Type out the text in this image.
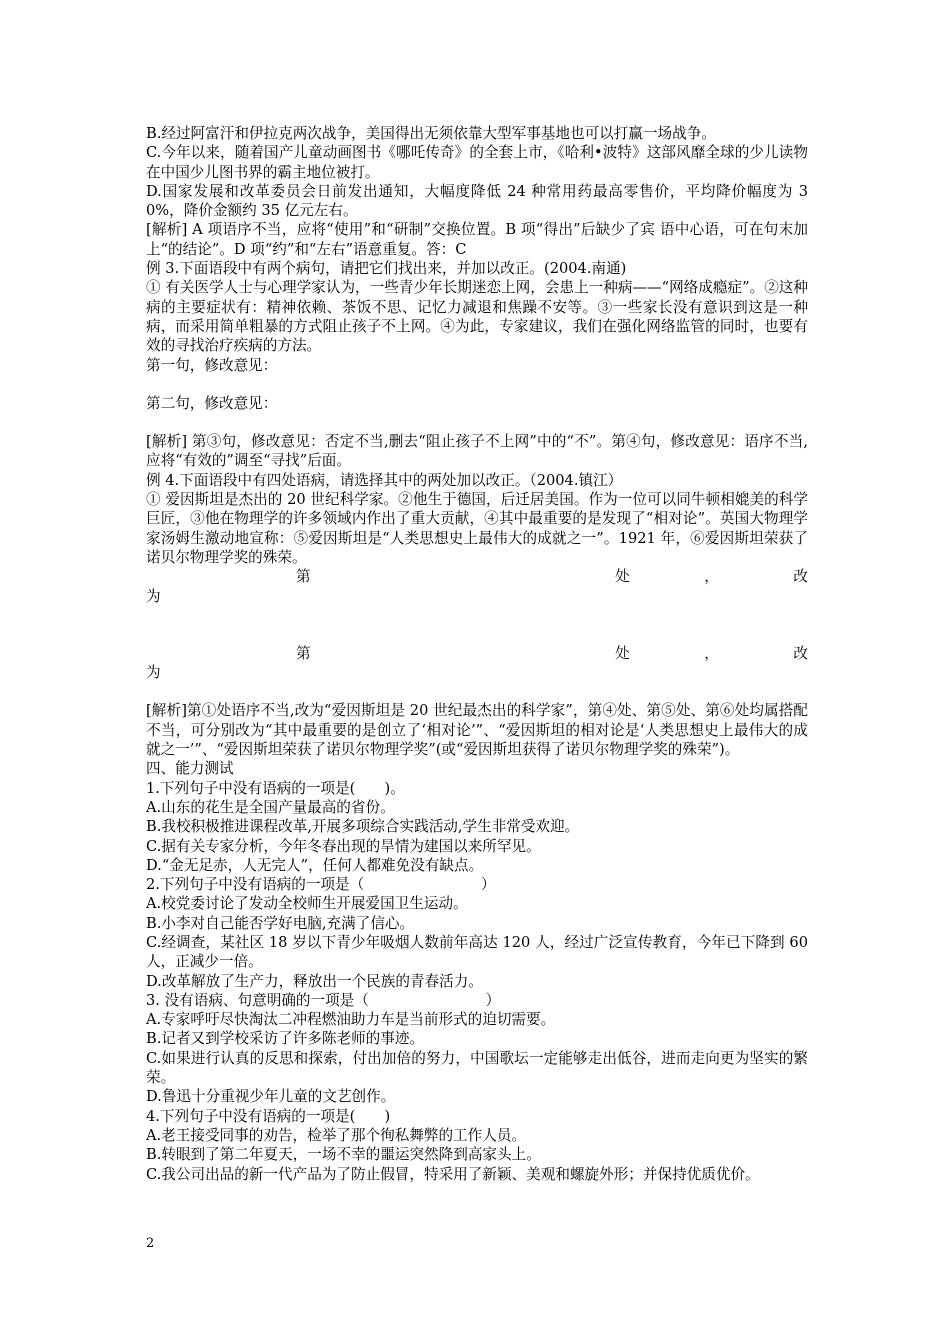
B.经过阿富汗和伊拉克两次战争，美国得出无须依靠大型军事基地也可以打赢一场战争。

C.今年以来，随着国产儿童动画图书《哪吒传奇》的全套上市，《哈利•波特》这部风靡全球的少儿读物在中国少儿图书界的霸主地位被打。

D.国家发展和改革委员会日前发出通知，大幅度降低 24 种常用药最高零售价，平均降价幅度为 30%，降价金额约 35 亿元左右。

[解析] A 项语序不当，应将“使用”和“研制”交换位置。B 项“得出”后缺少了宾 语中心语，可在句末加上“的结论”。D 项“约”和“左右”语意重复。答：C

例 3.下面语段中有两个病句，请把它们找出来，并加以改正。(2004.南通)

① 有关医学人士与心理学家认为，一些青少年长期迷恋上网，会患上一种病——“网络成瘾症”。②这种病的主要症状有：精神依赖、茶饭不思、记忆力减退和焦躁不安等。③一些家长没有意识到这是一种病，而采用简单粗暴的方式阻止孩子不上网。④为此，专家建议，我们在强化网络监管的同时，也要有效的寻找治疗疾病的方法。

第一句，修改意见：

第二句，修改意见：

[解析] 第③句，修改意见：否定不当,删去“阻止孩子不上网”中的“不”。第④句，修改意见：语序不当,应将“有效的”调至“寻找”后面。

例 4.下面语段中有四处语病，请选择其中的两处加以改正。（2004.镇江）

① 爱因斯坦是杰出的 20 世纪科学家。②他生于德国，后迁居美国。作为一位可以同牛顿相媲美的科学巨匠，③他在物理学的许多领域内作出了重大贡献，④其中最重要的是发现了“相对论”。英国大物理学家汤姆生激动地宣称：⑤爱因斯坦是“人类思想史上最伟大的成就之一”。1921 年，⑥爱因斯坦荣获了诺贝尔物理学奖的殊荣。

第	处	，	改

为

第	处	，	改

为

[解析]第①处语序不当,改为“爱因斯坦是 20 世纪最杰出的科学家”，第④处、第⑤处、第⑥处均属搭配不当，可分别改为“其中最重要的是创立了‘相对论’”、“爱因斯坦的相对论是‘人类思想史上最伟大的成就之一’”、“爱因斯坦荣获了诺贝尔物理学奖”(或“爱因斯坦获得了诺贝尔物理学奖的殊荣”)。

四、能力测试

1.下列句子中没有语病的一项是(　　)。

A.山东的花生是全国产量最高的省份。

B.我校积极推进课程改革,开展多项综合实践活动,学生非常受欢迎。

C.据有关专家分析，今年冬春出现的旱情为建国以来所罕见。

D.“金无足赤，人无完人”，任何人都难免没有缺点。

2.下列句子中没有语病的一项是（　　　　　　　　）

A.校党委讨论了发动全校师生开展爱国卫生运动。

B.小李对自己能否学好电脑,充满了信心。

C.经调查，某社区 18 岁以下青少年吸烟人数前年高达 120 人，经过广泛宣传教育，今年已下降到 60 人，正减少一倍。

D.改革解放了生产力，释放出一个民族的青春活力。

3. 没有语病、句意明确的一项是（　　　　　　　　）

A.专家呼吁尽快淘汰二冲程燃油助力车是当前形式的迫切需要。

B.记者又到学校采访了许多陈老师的事迹。

C.如果进行认真的反思和探索，付出加倍的努力，中国歌坛一定能够走出低谷，进而走向更为坚实的繁荣。

D.鲁迅十分重视少年儿童的文艺创作。

4.下列句子中没有语病的一项是(　　)

A.老王接受同事的劝告，检举了那个徇私舞弊的工作人员。

B.转眼到了第二年夏天，一场不幸的噩运突然降到高家头上。

C.我公司出品的新一代产品为了防止假冒，特采用了新颖、美观和螺旋外形；并保持优质优价。

2
